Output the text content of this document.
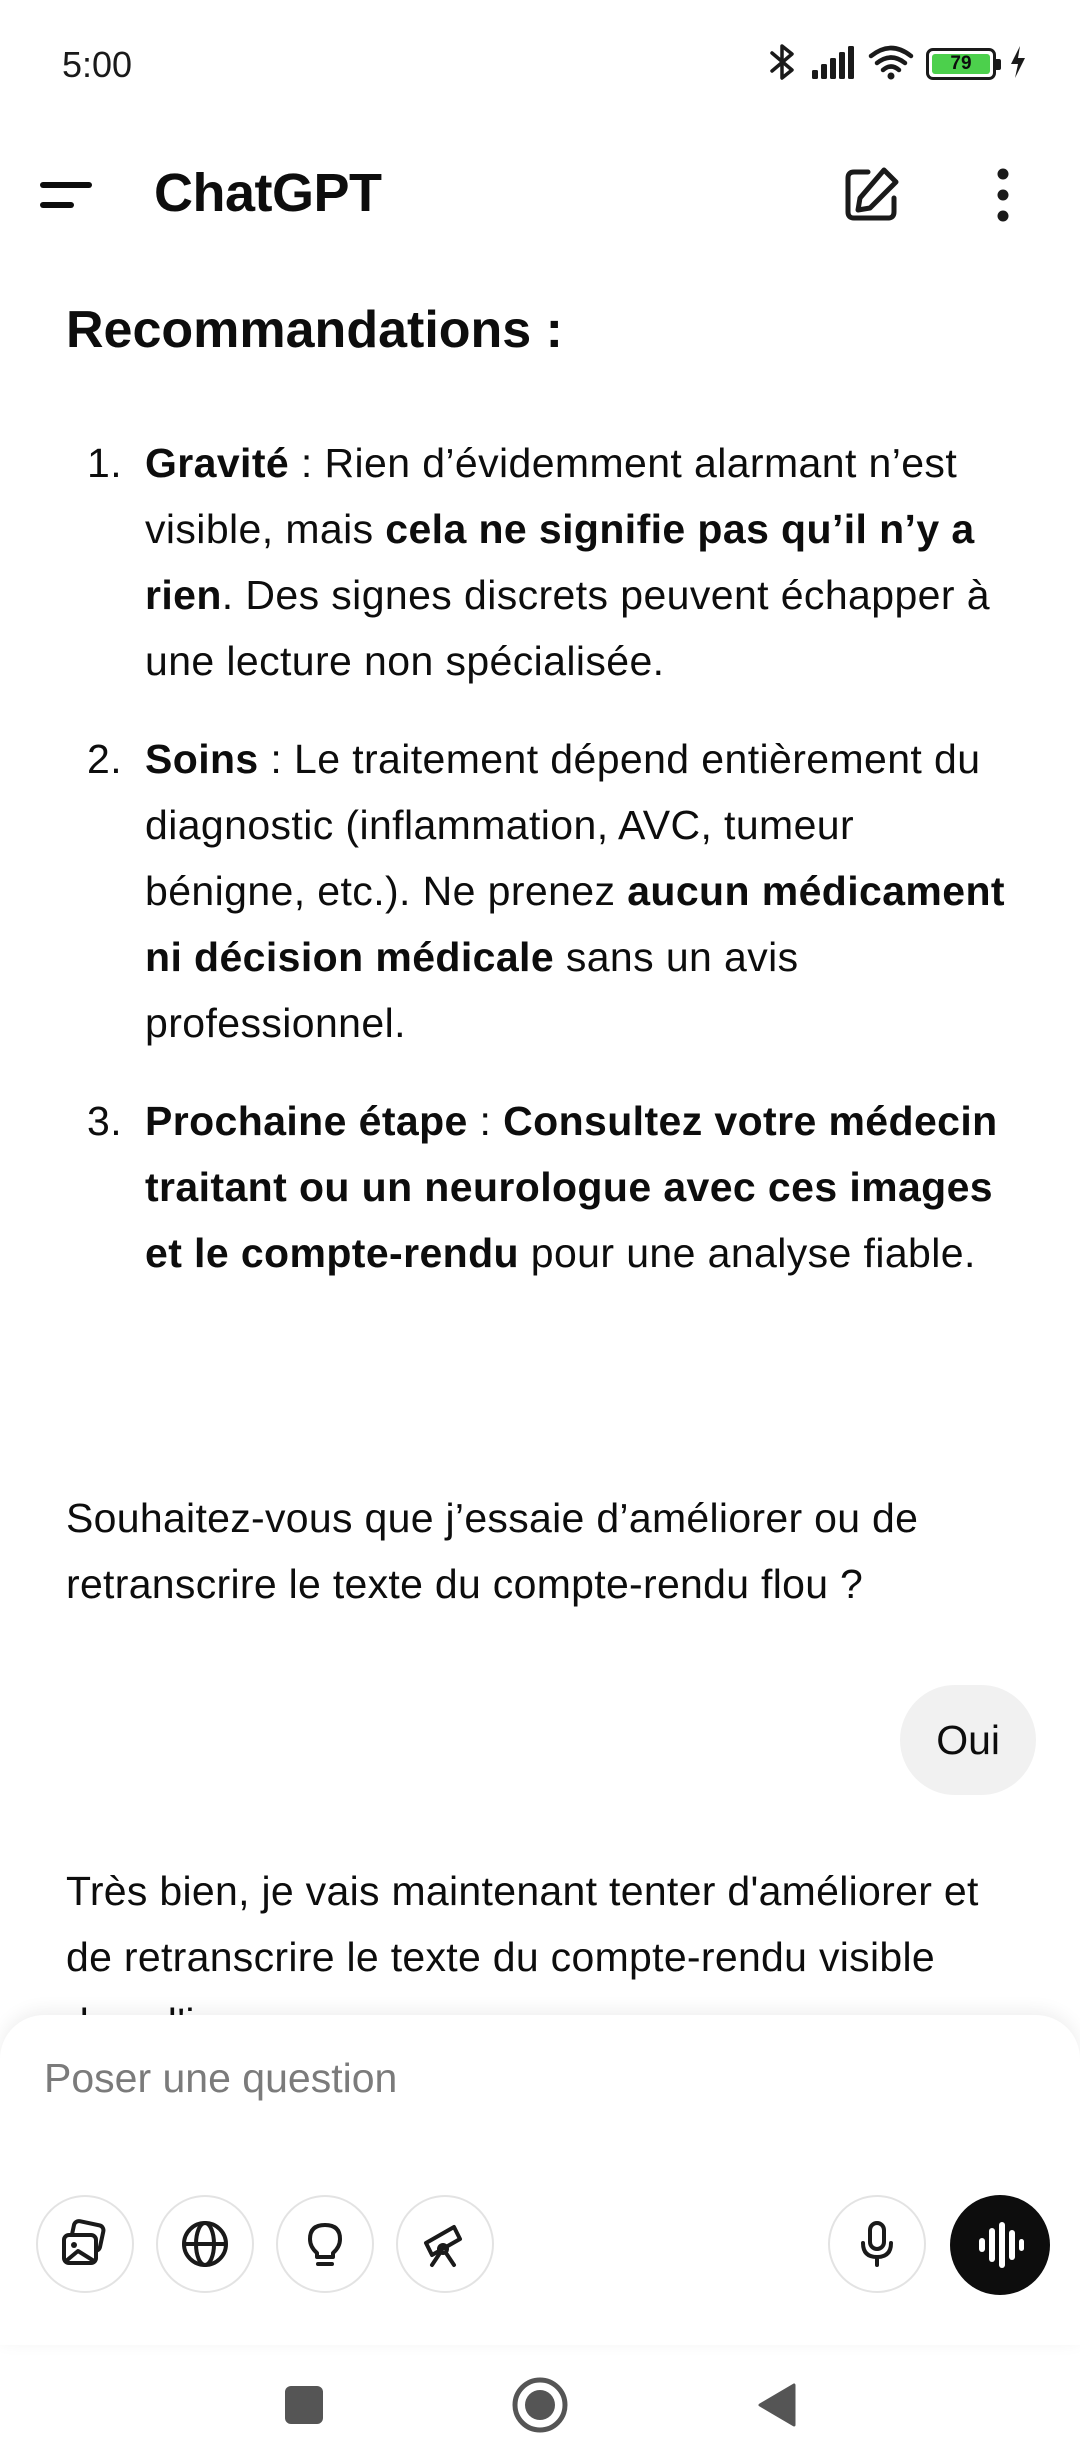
5:00	79
ChatGPT
Recommandations :
1. Gravité : Rien d’évidemment alarmant n’est visible, mais cela ne signifie pas qu’il n’y a rien. Des signes discrets peuvent échapper à une lecture non spécialisée.
2. Soins : Le traitement dépend entièrement du diagnostic (inflammation, AVC, tumeur bénigne, etc.). Ne prenez aucun médicament ni décision médicale sans un avis professionnel.
3. Prochaine étape : Consultez votre médecin traitant ou un neurologue avec ces images et le compte-rendu pour une analyse fiable.
Souhaitez-vous que j’essaie d’améliorer ou de retranscrire le texte du compte-rendu flou ?
Oui
Très bien, je vais maintenant tenter d'améliorer et de retranscrire le texte du compte-rendu visible
Poser une question
